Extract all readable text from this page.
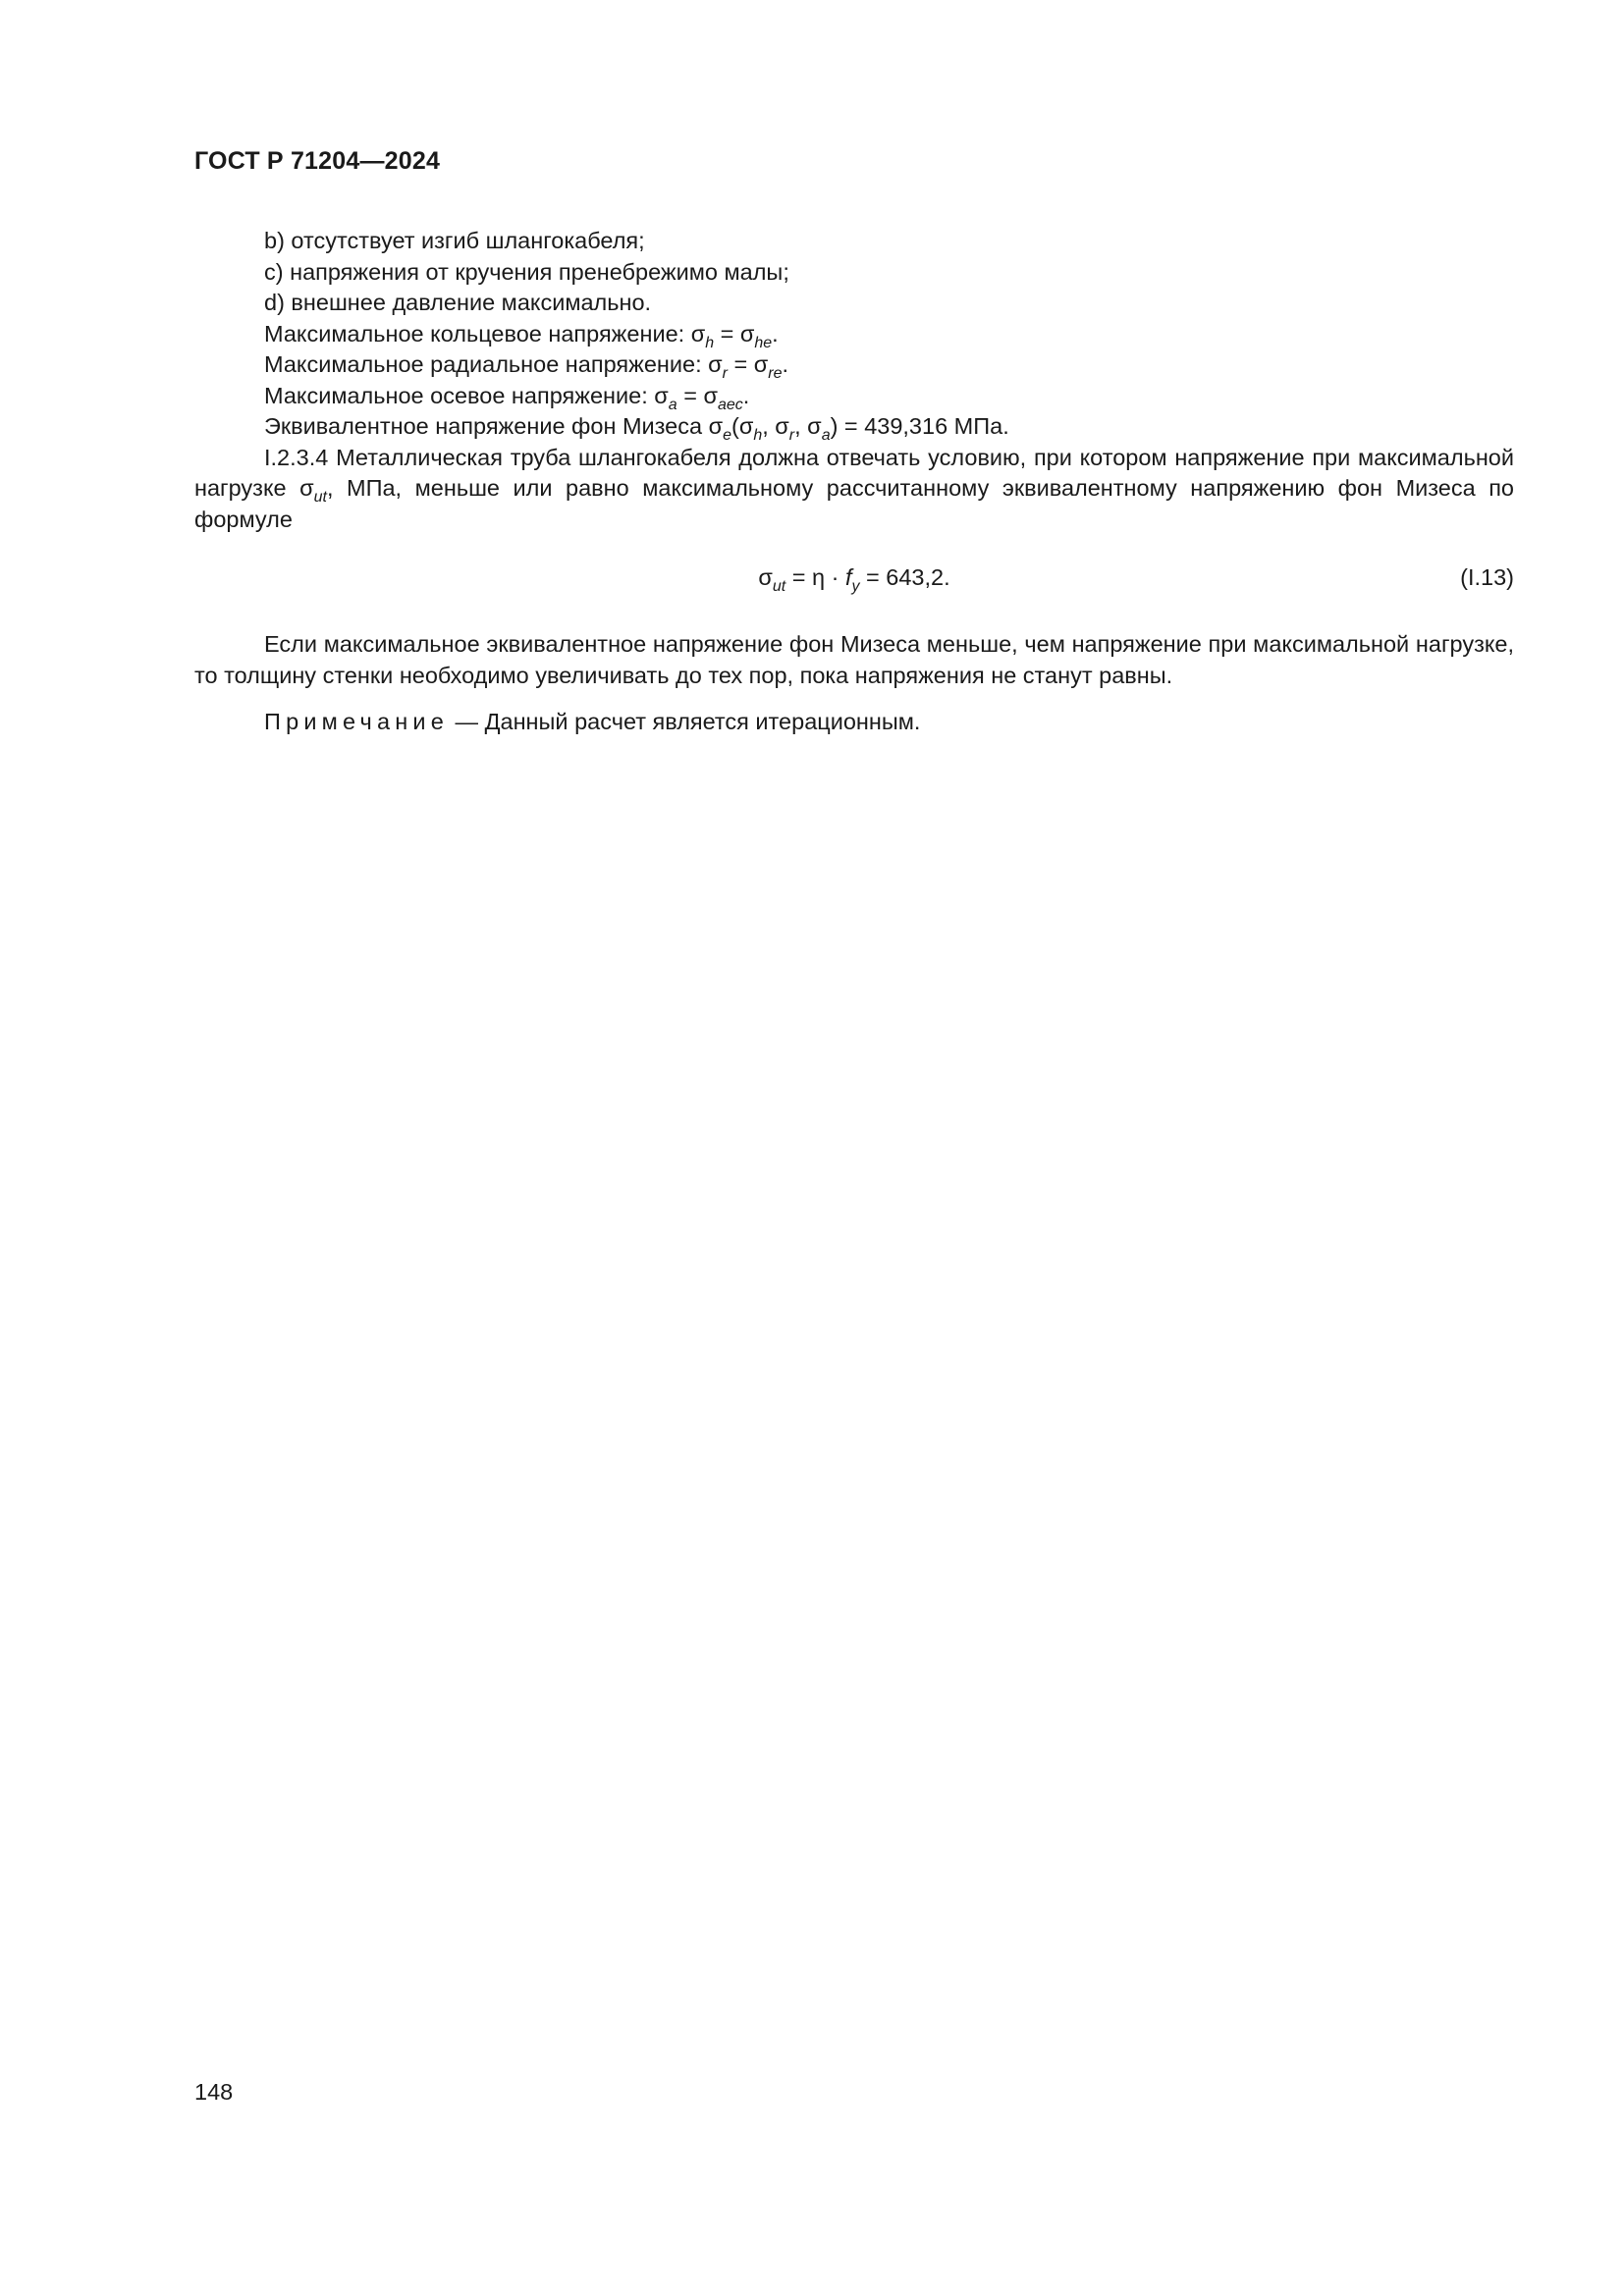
ГОСТ Р 71204—2024
b) отсутствует изгиб шлангокабеля;
c) напряжения от кручения пренебрежимо малы;
d) внешнее давление максимально.
Максимальное кольцевое напряжение: $\sigma_h = \sigma_{he}$.
Максимальное радиальное напряжение: $\sigma_r = \sigma_{re}$.
Максимальное осевое напряжение: $\sigma_a = \sigma_{aec}$.
Эквивалентное напряжение фон Мизеса $\sigma_e(\sigma_h$, $\sigma_r$, $\sigma_a) = 439,316$ МПа.
I.2.3.4 Металлическая труба шлангокабеля должна отвечать условию, при котором напряжение при максимальной нагрузке $\sigma_{ut}$, МПа, меньше или равно максимальному рассчитанному эквивалентному напряжению фон Мизеса по формуле
$\sigma_{ut} = \eta \cdot f_y = 643,2$.	(I.13)
Если максимальное эквивалентное напряжение фон Мизеса меньше, чем напряжение при максимальной нагрузке, то толщину стенки необходимо увеличивать до тех пор, пока напряжения не станут равны.
Примечание — Данный расчет является итерационным.
148
